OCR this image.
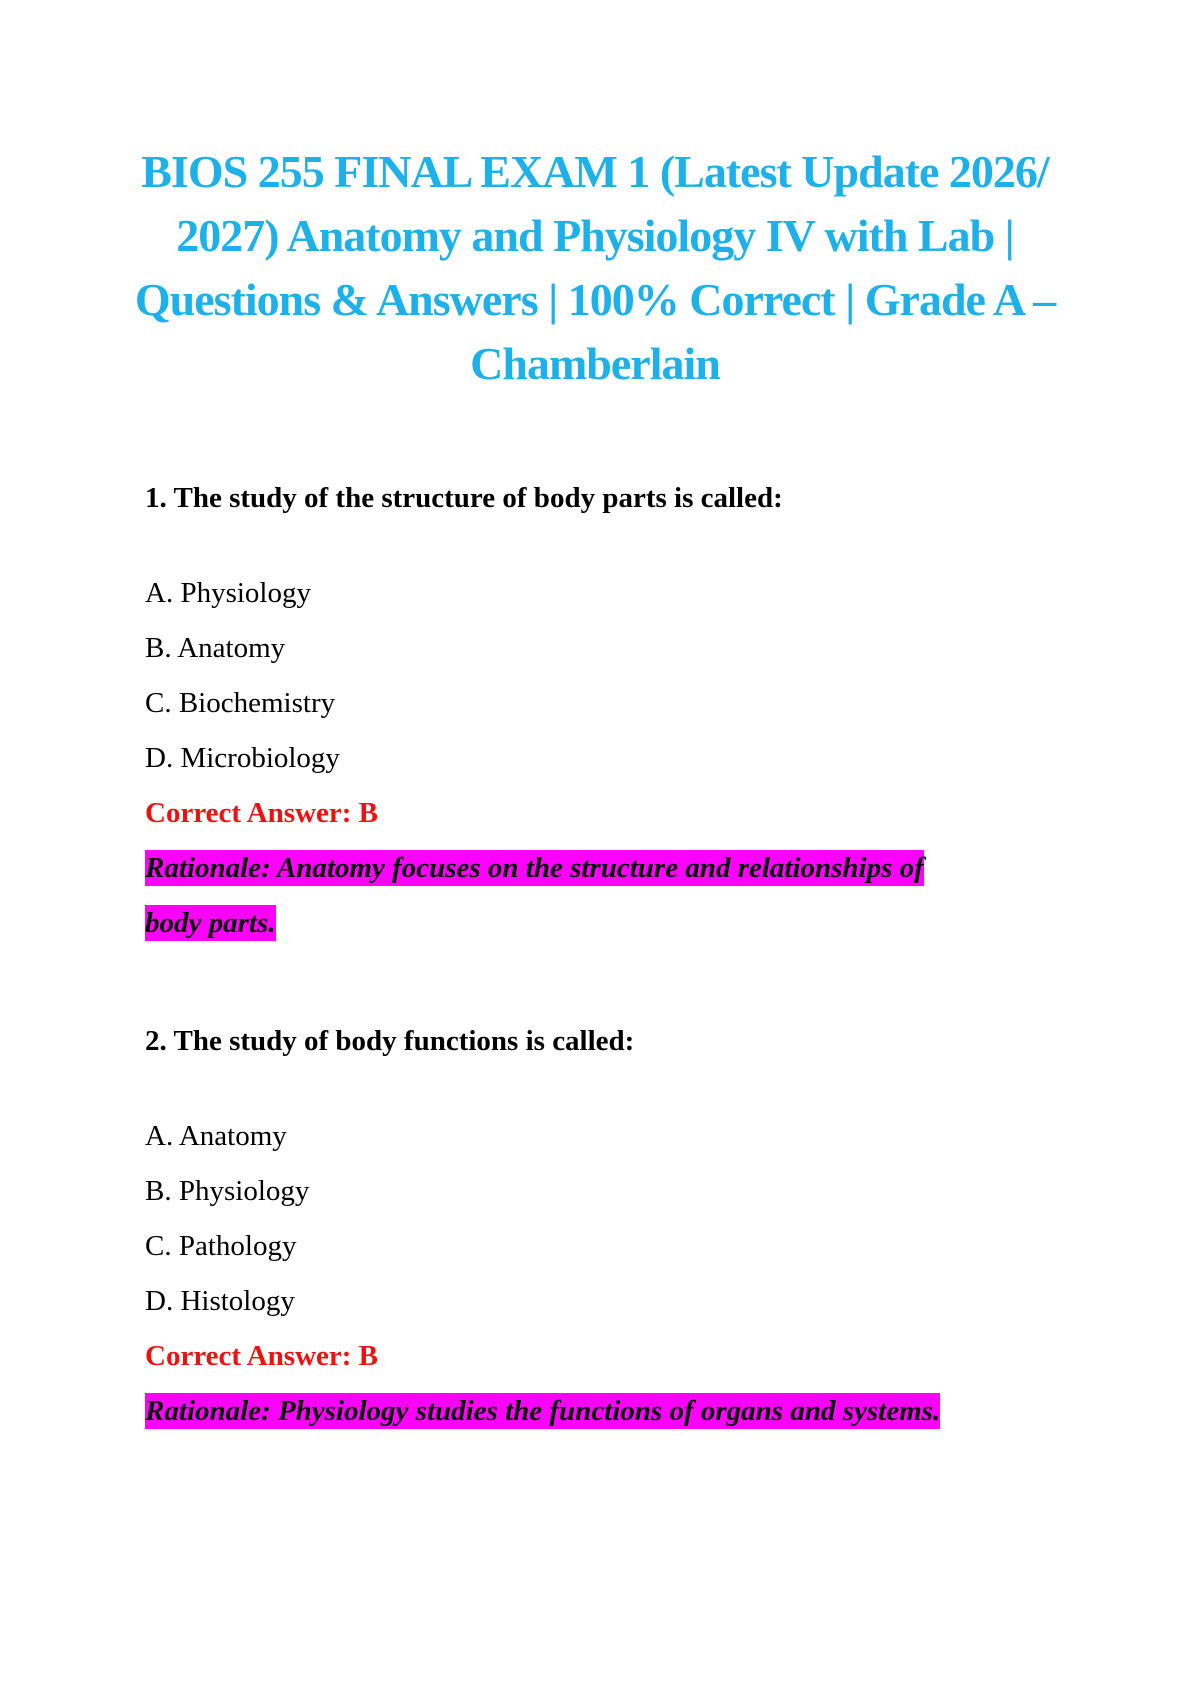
BIOS 255 FINAL EXAM 1 (Latest Update 2026/ 2027) Anatomy and Physiology IV with Lab | Questions & Answers | 100% Correct | Grade A – Chamberlain

1. The study of the structure of body parts is called:

A. Physiology
B. Anatomy
C. Biochemistry
D. Microbiology
Correct Answer: B
Rationale: Anatomy focuses on the structure and relationships of
body parts.

2. The study of body functions is called:

A. Anatomy
B. Physiology
C. Pathology
D. Histology
Correct Answer: B
Rationale: Physiology studies the functions of organs and systems.
